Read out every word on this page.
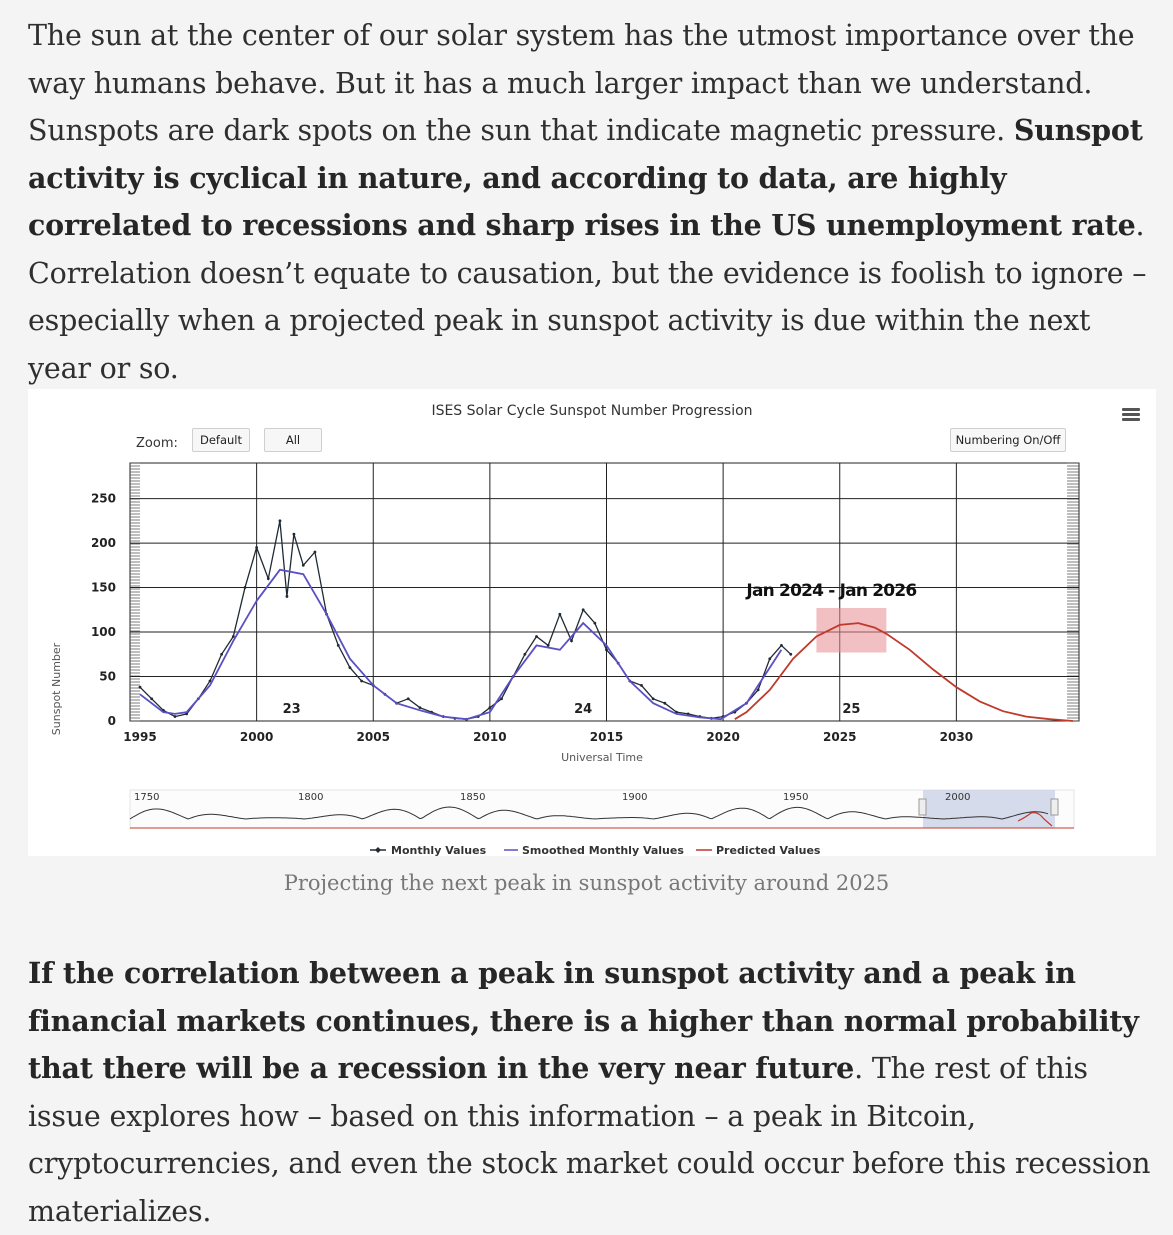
The sun at the center of our solar system has the utmost importance over the way humans behave. But it has a much larger impact than we understand. Sunspots are dark spots on the sun that indicate magnetic pressure. Sunspot activity is cyclical in nature, and according to data, are highly correlated to recessions and sharp rises in the US unemployment rate. Correlation doesn’t equate to causation, but the evidence is foolish to ignore – especially when a projected peak in sunspot activity is due within the next year or so.

Default	All	Numbering On/Off
ISES Solar Cycle Sunspot Number Progression
Zoom:
1995	2000	2005	2010	2015	2020	2025	2030
0
50
100
150
200
250
Sunspot Number
Universal Time
Jan 2024 - Jan 2026
23	24	25
1750	1800	1850	1900	1950	2000
Monthly Values	Smoothed Monthly Values	Predicted Values
Projecting the next peak in sunspot activity around 2025

If the correlation between a peak in sunspot activity and a peak in financial markets continues, there is a higher than normal probability that there will be a recession in the very near future. The rest of this issue explores how – based on this information – a peak in Bitcoin, cryptocurrencies, and even the stock market could occur before this recession materializes.
